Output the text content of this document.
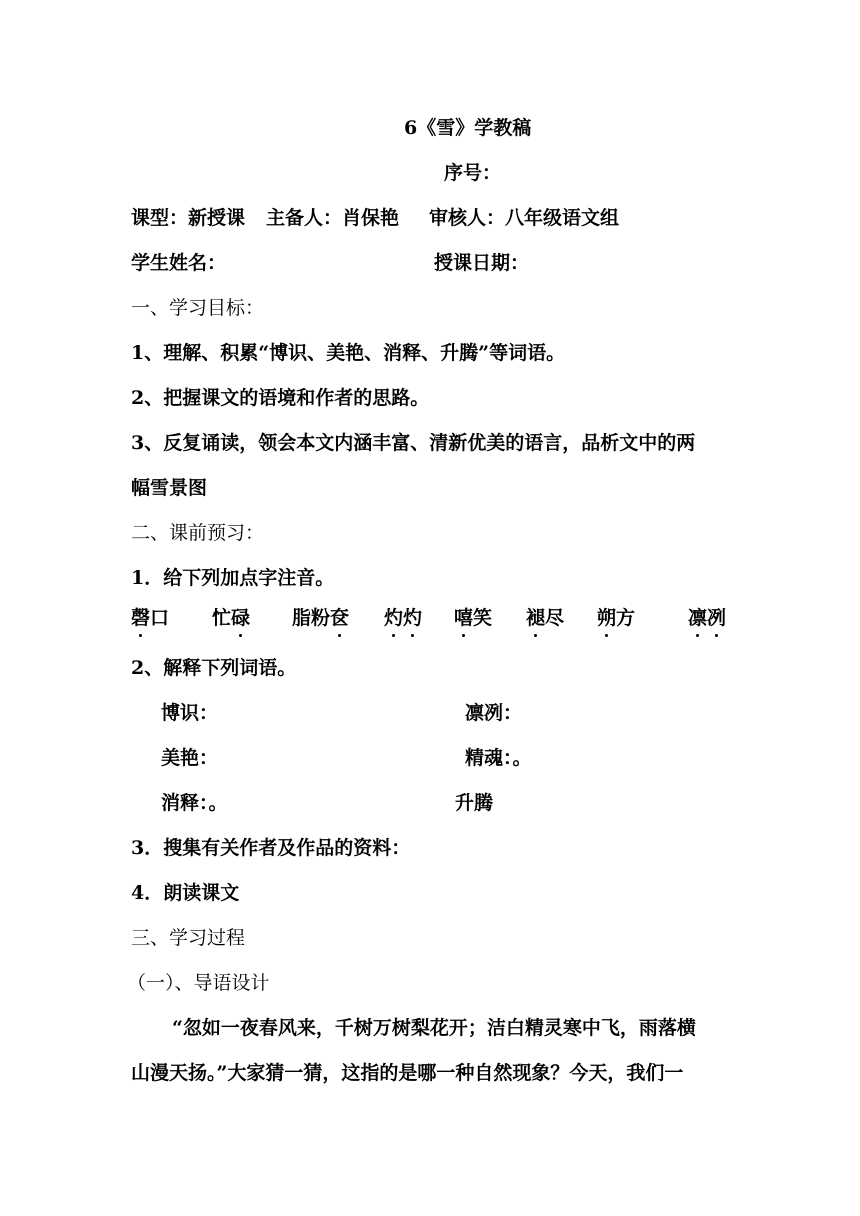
6《雪》学教稿
序号：
课型：新授课 主备人：肖保艳 审核人：八年级语文组
学生姓名：	授课日期：
一、学习目标：
1、理解、积累“博识、美艳、消释、升腾”等词语。
2、把握课文的语境和作者的思路。
3、反复诵读，领会本文内涵丰富、清新优美的语言，品析文中的两
幅雪景图
二、课前预习：
1．给下列加点字注音。
磬口 忙碌 脂粉奁 灼灼 嘻笑 褪尽 朔方	凛冽
2、解释下列词语。
博识：	凛冽：
美艳：	精魂：。
消释：。	升腾
3．搜集有关作者及作品的资料：
4．朗读课文
三、学习过程
（一）、导语设计
“忽如一夜春风来，千树万树梨花开；洁白精灵寒中飞，雨落横
山漫天扬。”大家猜一猜，这指的是哪一种自然现象？今天，我们一
